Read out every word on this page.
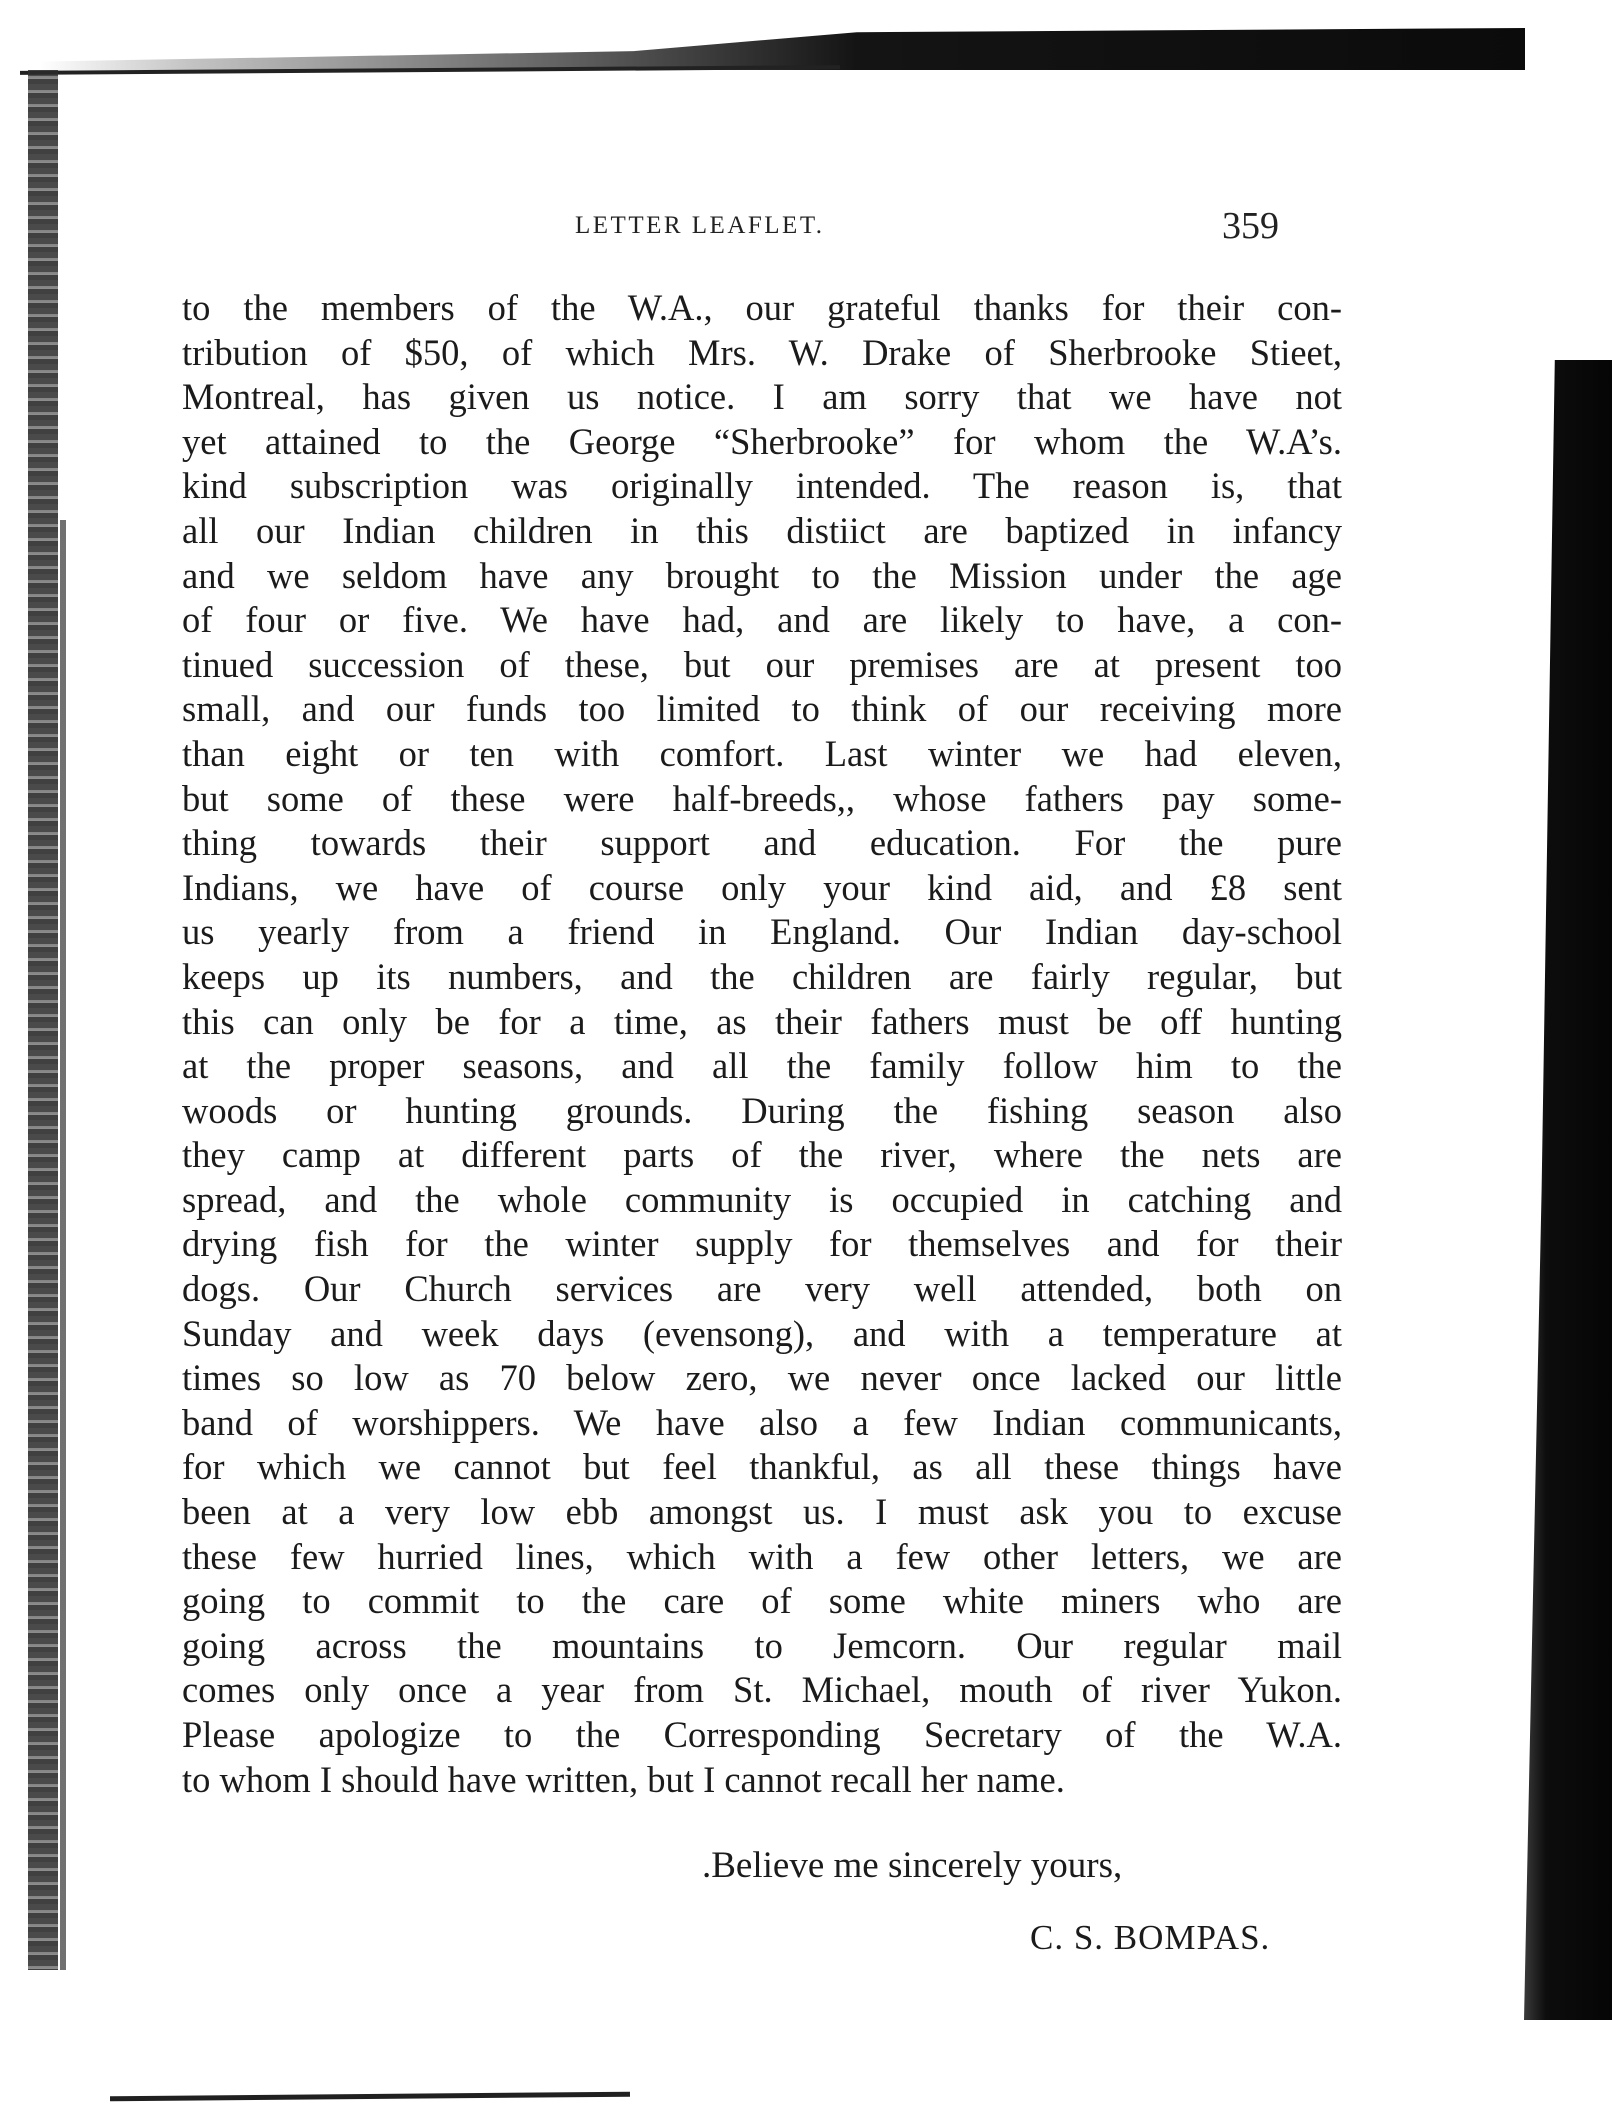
LETTER LEAFLET.	359
to the members of the W.A., our grateful thanks for their con-
tribution of $50, of which Mrs. W. Drake of Sherbrooke Stieet,
Montreal, has given us notice. I am sorry that we have not
yet attained to the George “Sherbrooke” for whom the W.A’s.
kind subscription was originally intended. The reason is, that
all our Indian children in this distiict are baptized in infancy
and we seldom have any brought to the Mission under the age
of four or five. We have had, and are likely to have, a con-
tinued succession of these, but our premises are at present too
small, and our funds too limited to think of our receiving more
than eight or ten with comfort. Last winter we had eleven,
but some of these were half-breeds,, whose fathers pay some-
thing towards their support and education. For the pure
Indians, we have of course only your kind aid, and £8 sent
us yearly from a friend in England. Our Indian day-school
keeps up its numbers, and the children are fairly regular, but
this can only be for a time, as their fathers must be off hunting
at the proper seasons, and all the family follow him to the
woods or hunting grounds. During the fishing season also
they camp at different parts of the river, where the nets are
spread, and the whole community is occupied in catching and
drying fish for the winter supply for themselves and for their
dogs. Our Church services are very well attended, both on
Sunday and week days (evensong), and with a temperature at
times so low as 70 below zero, we never once lacked our little
band of worshippers. We have also a few Indian communicants,
for which we cannot but feel thankful, as all these things have
been at a very low ebb amongst us. I must ask you to excuse
these few hurried lines, which with a few other letters, we are
going to commit to the care of some white miners who are
going across the mountains to Jemcorn. Our regular mail
comes only once a year from St. Michael, mouth of river Yukon.
Please apologize to the Corresponding Secretary of the W.A.
to whom I should have written, but I cannot recall her name.
.Believe me sincerely yours,
C. S. BOMPAS.
